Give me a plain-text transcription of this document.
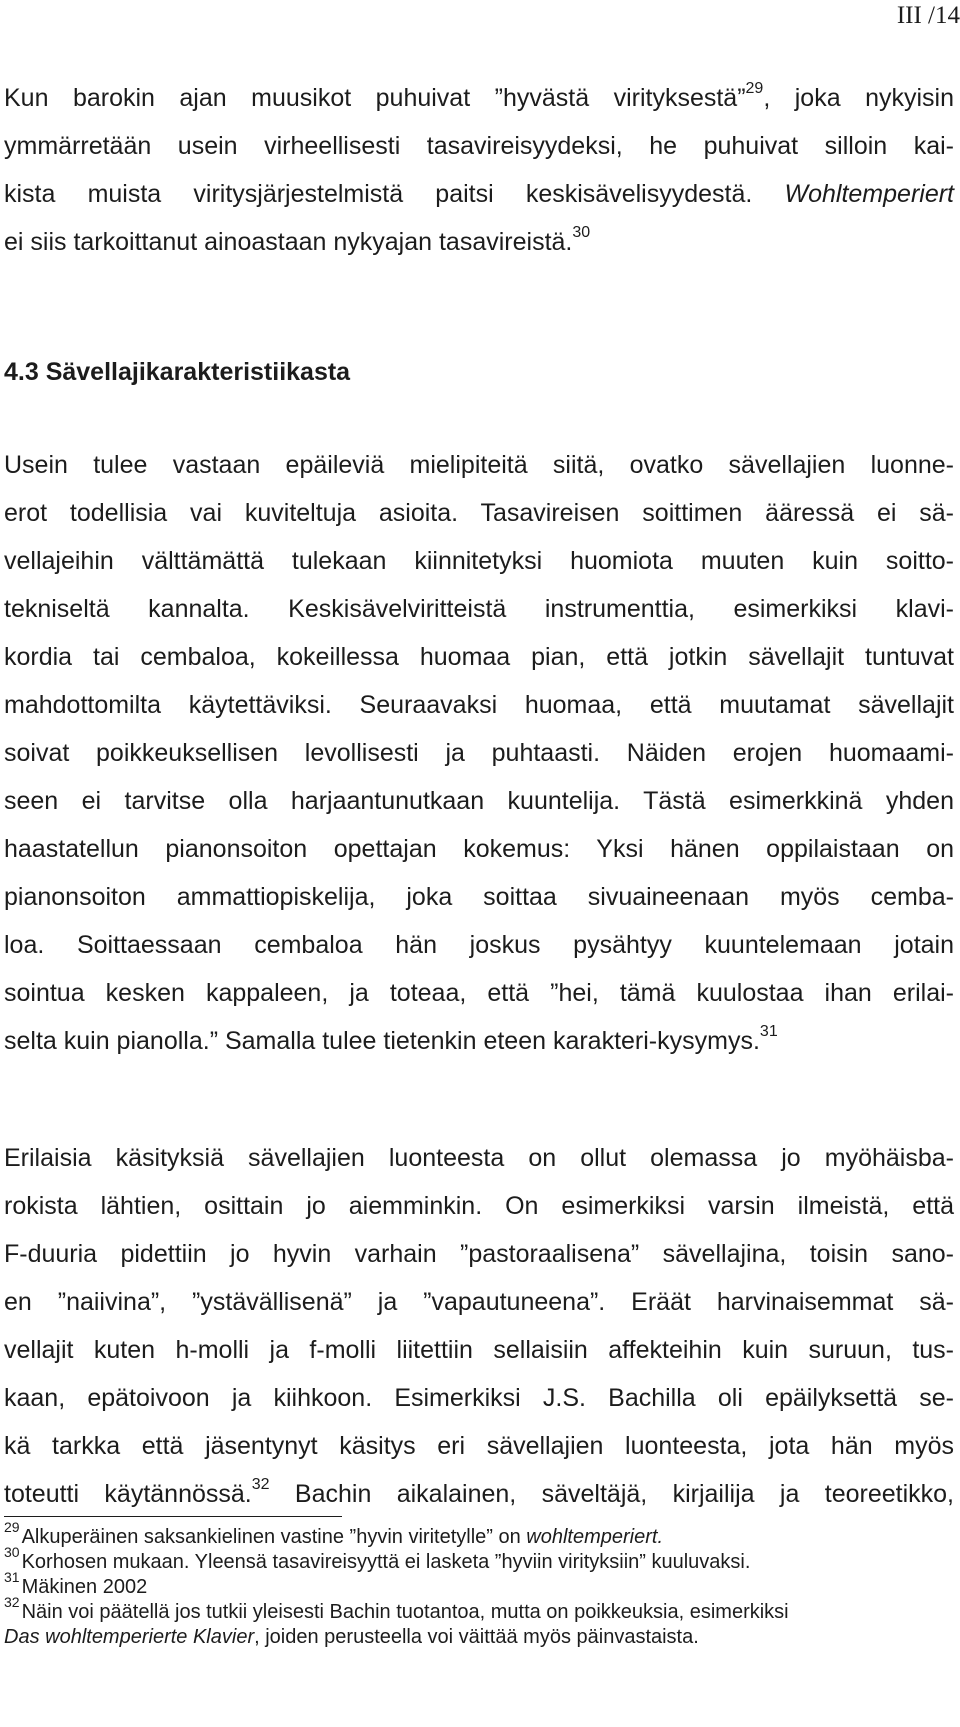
III /14
Kun barokin ajan muusikot puhuivat ”hyvästä virityksestä”$^{29}$, joka nykyisin
ymmärretään usein virheellisesti tasavireisyydeksi, he puhuivat silloin kai-
kista muista viritysjärjestelmistä paitsi keskisävelisyydestä. Wohltemperiert
ei siis tarkoittanut ainoastaan nykyajan tasavireistä.$^{30}$
4.3 Sävellajikarakteristiikasta
Usein tulee vastaan epäileviä mielipiteitä siitä, ovatko sävellajien luonne-
erot todellisia vai kuviteltuja asioita. Tasavireisen soittimen ääressä ei sä-
vellajeihin välttämättä tulekaan kiinnitetyksi huomiota muuten kuin soitto-
tekniseltä kannalta. Keskisävelviritteistä instrumenttia, esimerkiksi klavi-
kordia tai cembaloa, kokeillessa huomaa pian, että jotkin sävellajit tuntuvat
mahdottomilta käytettäviksi. Seuraavaksi huomaa, että muutamat sävellajit
soivat poikkeuksellisen levollisesti ja puhtaasti. Näiden erojen huomaami-
seen ei tarvitse olla harjaantunutkaan kuuntelija. Tästä esimerkkinä yhden
haastatellun pianonsoiton opettajan kokemus: Yksi hänen oppilaistaan on
pianonsoiton ammattiopiskelija, joka soittaa sivuaineenaan myös cemba-
loa. Soittaessaan cembaloa hän joskus pysähtyy kuuntelemaan jotain
sointua kesken kappaleen, ja toteaa, että ”hei, tämä kuulostaa ihan erilai-
selta kuin pianolla.” Samalla tulee tietenkin eteen karakteri-kysymys.$^{31}$
Erilaisia käsityksiä sävellajien luonteesta on ollut olemassa jo myöhäisba-
rokista lähtien, osittain jo aiemminkin. On esimerkiksi varsin ilmeistä, että
F-duuria pidettiin jo hyvin varhain ”pastoraalisena” sävellajina, toisin sano-
en ”naiivina”, ”ystävällisenä” ja ”vapautuneena”. Eräät harvinaisemmat sä-
vellajit kuten h-molli ja f-molli liitettiin sellaisiin affekteihin kuin suruun, tus-
kaan, epätoivoon ja kiihkoon. Esimerkiksi J.S. Bachilla oli epäilyksettä se-
kä tarkka että jäsentynyt käsitys eri sävellajien luonteesta, jota hän myös
toteutti käytännössä.$^{32}$ Bachin aikalainen, säveltäjä, kirjailija ja teoreetikko,
$^{29}$ Alkuperäinen saksankielinen vastine ”hyvin viritetylle” on wohltemperiert.
$^{30}$ Korhosen mukaan. Yleensä tasavireisyyttä ei lasketa ”hyviin virityksiin” kuuluvaksi.
$^{31}$ Mäkinen 2002
$^{32}$ Näin voi päätellä jos tutkii yleisesti Bachin tuotantoa, mutta on poikkeuksia, esimerkiksi
Das wohltemperierte Klavier, joiden perusteella voi väittää myös päinvastaista.
